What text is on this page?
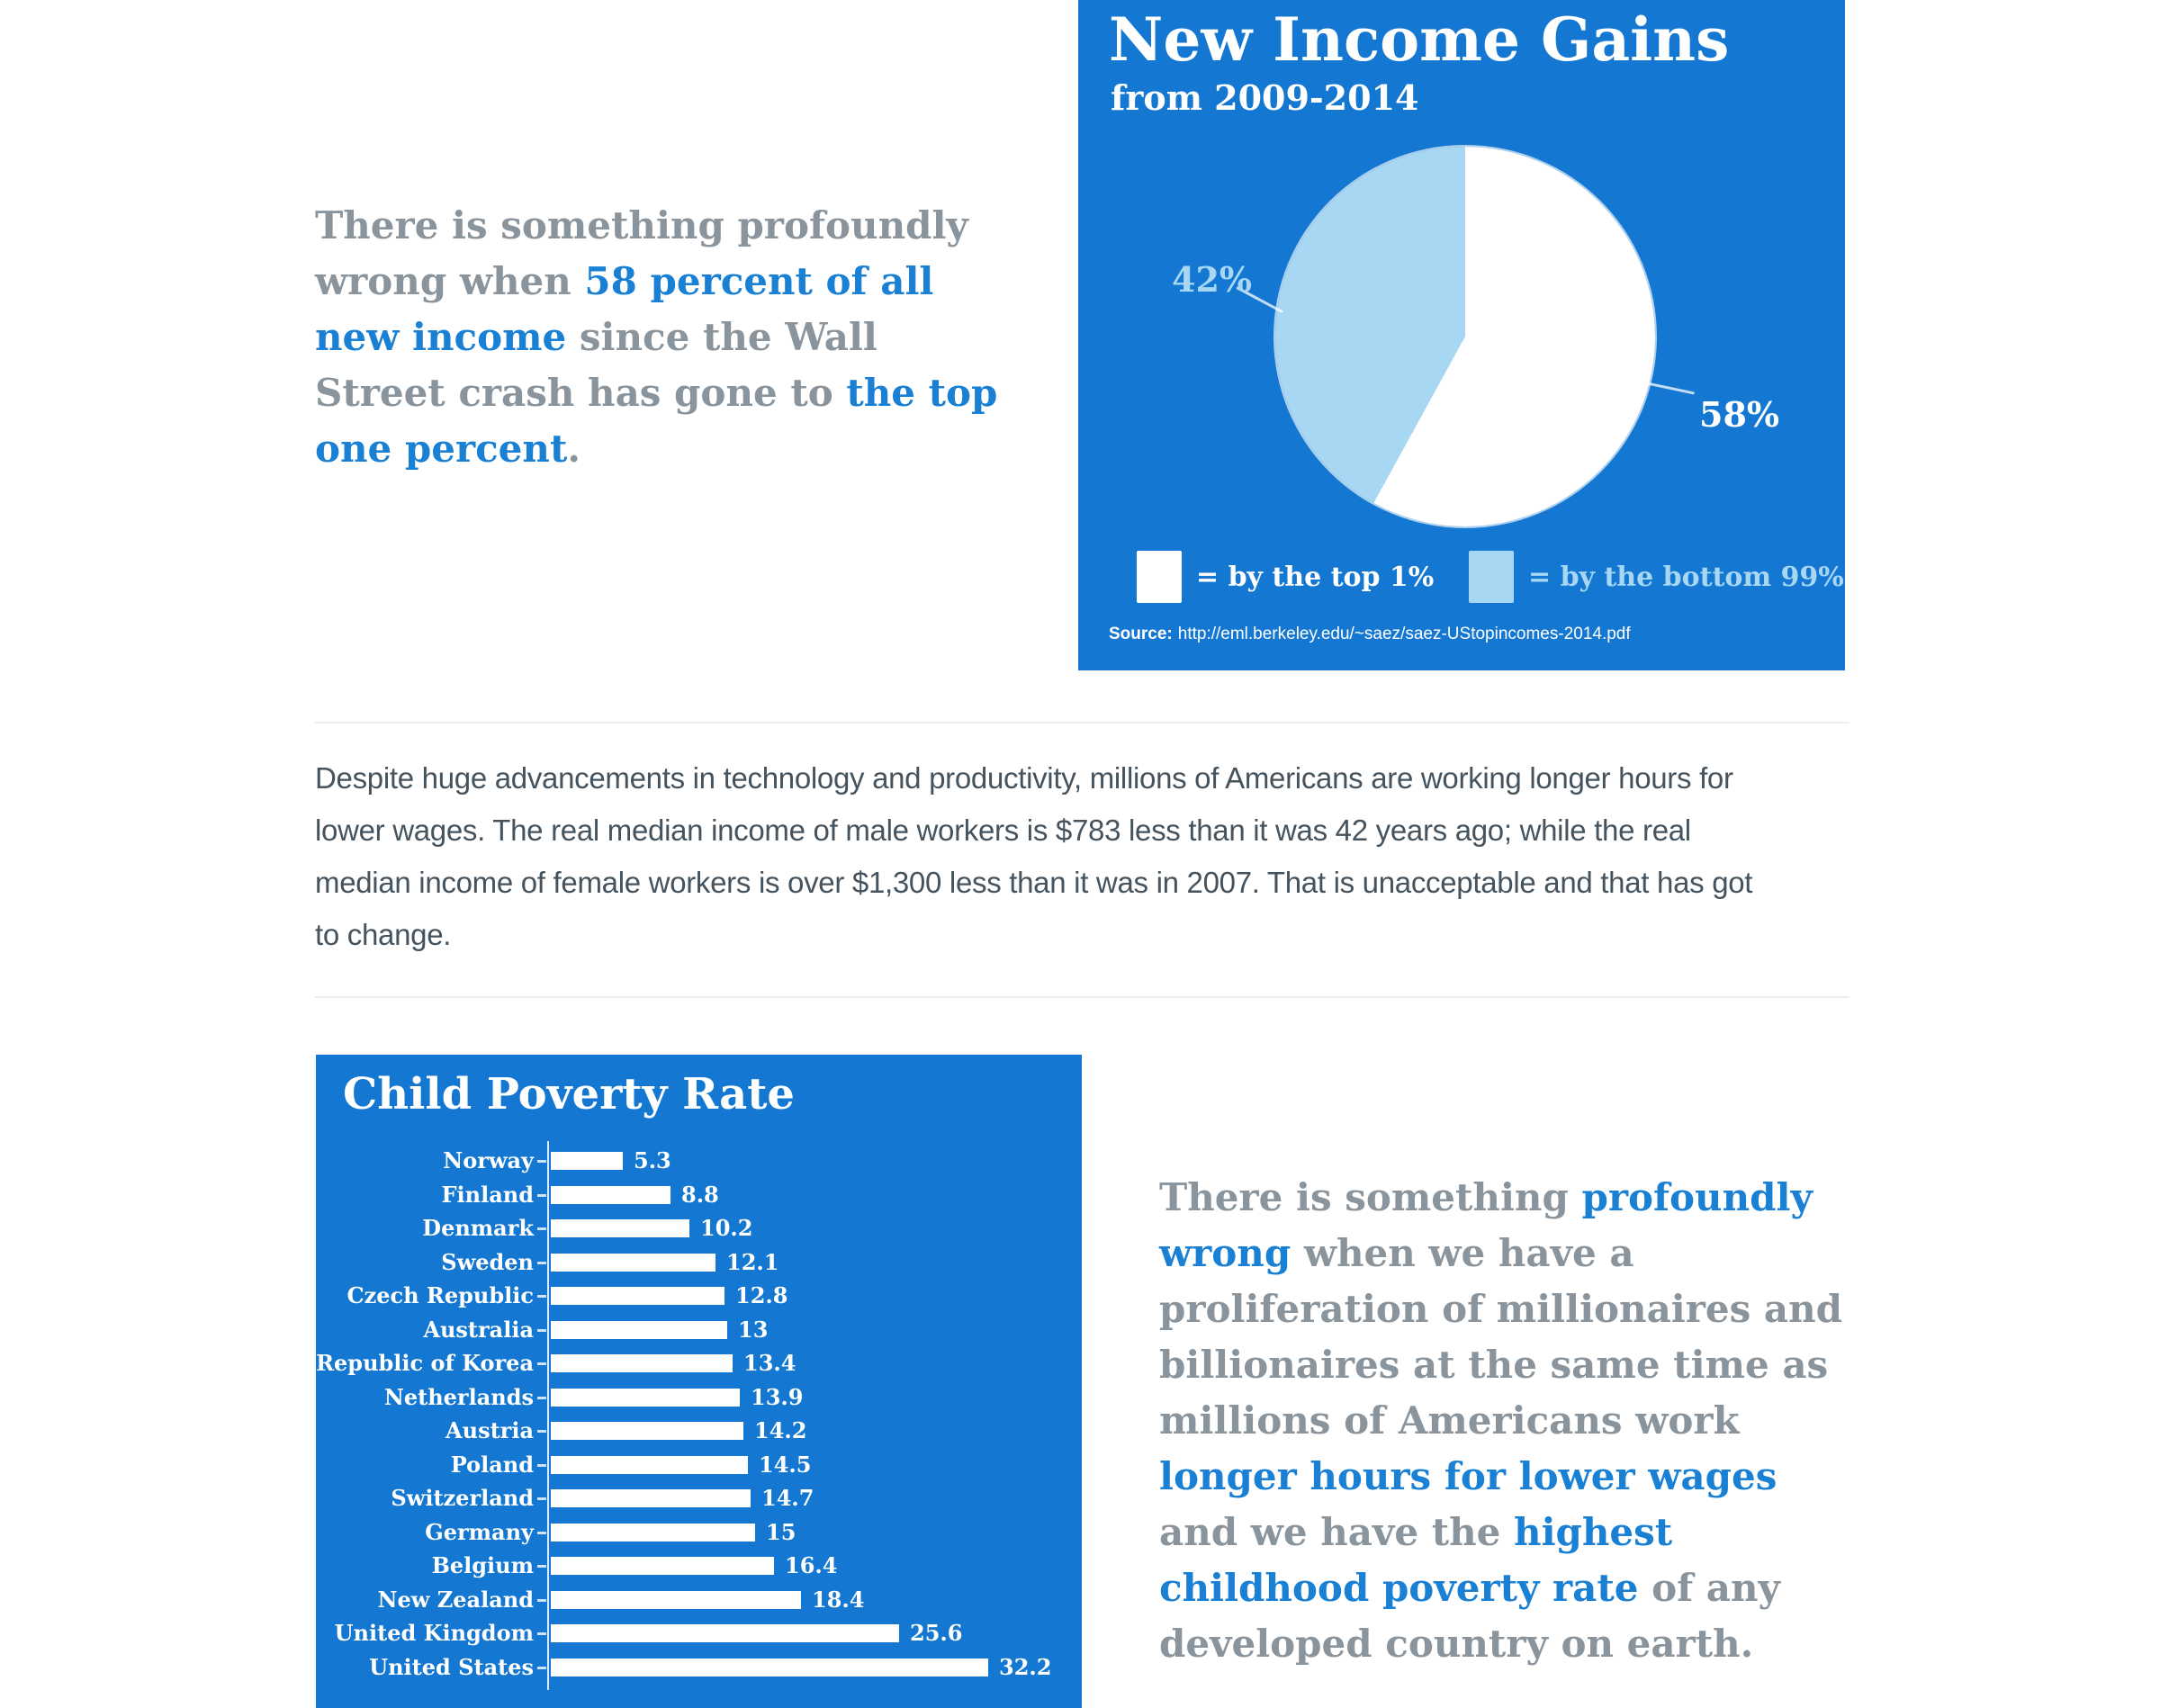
There is something profoundly
wrong when 58 percent of all
new income since the Wall
Street crash has gone to the top
one percent.
New Income Gains
from 2009-2014
42%
58%
= by the top 1%	= by the bottom 99%
Source: http://eml.berkeley.edu/~saez/saez-UStopincomes-2014.pdf
Despite huge advancements in technology and productivity, millions of Americans are working longer hours for
lower wages. The real median income of male workers is $783 less than it was 42 years ago; while the real
median income of female workers is over $1,300 less than it was in 2007. That is unacceptable and that has got
to change.
Child Poverty Rate
Norway	5.3
Finland	8.8
Denmark	10.2
Sweden	12.1
Czech Republic	12.8
Australia	13
Republic of Korea	13.4
Netherlands	13.9
Austria	14.2
Poland	14.5
Switzerland	14.7
Germany	15
Belgium	16.4
New Zealand	18.4
United Kingdom	25.6
United States	32.2
There is something profoundly
wrong when we have a
proliferation of millionaires and
billionaires at the same time as
millions of Americans work
longer hours for lower wages
and we have the highest
childhood poverty rate of any
developed country on earth.
